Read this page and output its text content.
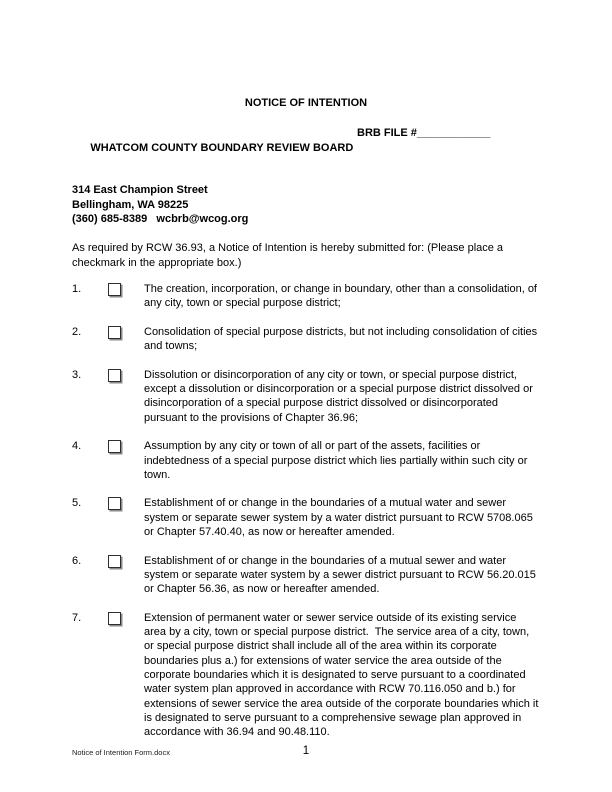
NOTICE OF INTENTION

WHATCOM COUNTY BOUNDARY REVIEW BOARD

BRB FILE #____________

314 East Champion Street
Bellingham, WA 98225
(360) 685-8389   wcbrb@wcog.org
As required by RCW 36.93, a Notice of Intention is hereby submitted for: (Please place a checkmark in the appropriate box.)
1.	The creation, incorporation, or change in boundary, other than a consolidation, of any city, town or special purpose district;
2.	Consolidation of special purpose districts, but not including consolidation of cities and towns;
3.	Dissolution or disincorporation of any city or town, or special purpose district, except a dissolution or disincorporation or a special purpose district dissolved or disincorporation of a special purpose district dissolved or disincorporated pursuant to the provisions of Chapter 36.96;
4.	Assumption by any city or town of all or part of the assets, facilities or indebtedness of a special purpose district which lies partially within such city or town.
5.	Establishment of or change in the boundaries of a mutual water and sewer system or separate sewer system by a water district pursuant to RCW 5708.065 or Chapter 57.40.40, as now or hereafter amended.
6.	Establishment of or change in the boundaries of a mutual sewer and water system or separate water system by a sewer district pursuant to RCW 56.20.015 or Chapter 56.36, as now or hereafter amended.
7.	Extension of permanent water or sewer service outside of its existing service area by a city, town or special purpose district.  The service area of a city, town, or special purpose district shall include all of the area within its corporate  boundaries plus a.) for extensions of water service the area outside of the corporate boundaries which it is designated to serve pursuant to a coordinated   water system plan approved in accordance with RCW 70.116.050 and b.) for extensions of sewer service the area outside of the corporate boundaries which it is designated to serve pursuant to a comprehensive sewage plan approved in accordance with 36.94 and 90.48.110.
Notice of Intention Form.docx	1
